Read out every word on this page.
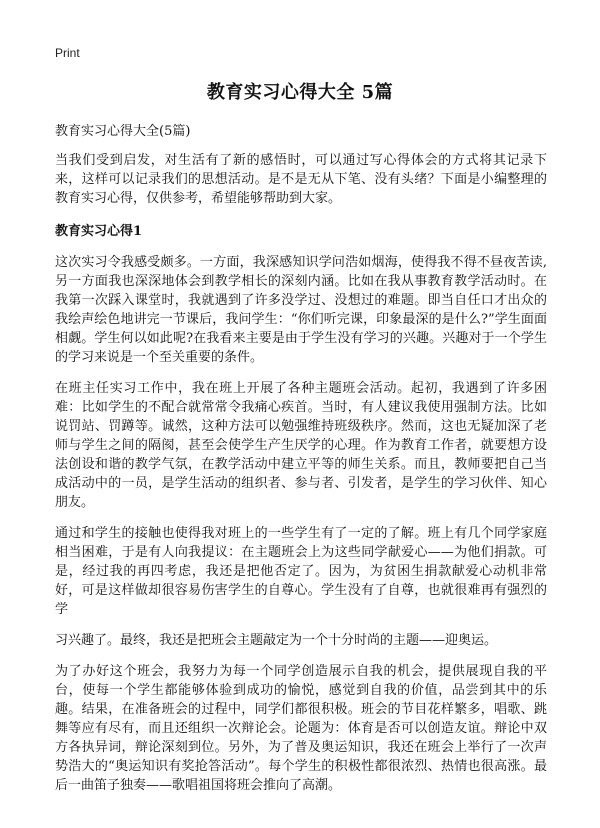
Print
教育实习心得大全 5篇
教育实习心得大全(5篇)

当我们受到启发，对生活有了新的感悟时，可以通过写心得体会的方式将其记录下来，这样可以记录我们的思想活动。是不是无从下笔、没有头绪？下面是小编整理的教育实习心得，仅供参考，希望能够帮助到大家。

教育实习心得1

这次实习令我感受颇多。一方面，我深感知识学问浩如烟海，使得我不得不昼夜苦读,另一方面我也深深地体会到教学相长的深刻内涵。比如在我从事教育教学活动时。在我第一次踩入课堂时，我就遇到了许多没学过、没想过的难题。即当自任口才出众的我绘声绘色地讲完一节课后，我问学生：“你们听完课，印象最深的是什么?”学生面面相觑。学生何以如此呢?在我看来主要是由于学生没有学习的兴趣。兴趣对于一个学生的学习来说是一个至关重要的条件。

在班主任实习工作中，我在班上开展了各种主题班会活动。起初，我遇到了许多困难：比如学生的不配合就常常令我痛心疾首。当时，有人建议我使用强制方法。比如说罚站、罚蹲等。诚然，这种方法可以勉强维持班级秩序。然而，这也无疑加深了老师与学生之间的隔阂，甚至会使学生产生厌学的心理。作为教育工作者，就要想方设法创设和谐的教学气氛，在教学活动中建立平等的师生关系。而且，教师要把自己当成活动中的一员，是学生活动的组织者、参与者、引发者，是学生的学习伙伴、知心朋友。

通过和学生的接触也使得我对班上的一些学生有了一定的了解。班上有几个同学家庭相当困难，于是有人向我提议：在主题班会上为这些同学献爱心——为他们捐款。可是，经过我的再四考虑，我还是把他否定了。因为，为贫困生捐款献爱心动机非常好，可是这样做却很容易伤害学生的自尊心。学生没有了自尊，也就很难再有强烈的学

习兴趣了。最终，我还是把班会主题敲定为一个十分时尚的主题——迎奥运。

为了办好这个班会，我努力为每一个同学创造展示自我的机会，提供展现自我的平台，使每一个学生都能够体验到成功的愉悦，感觉到自我的价值，品尝到其中的乐趣。结果，在准备班会的过程中，同学们都很积极。班会的节目花样繁多，唱歌、跳舞等应有尽有，而且还组织一次辩论会。论题为：体育是否可以创造友谊。辩论中双方各执异词，辩论深刻到位。另外，为了普及奥运知识，我还在班会上举行了一次声势浩大的“奥运知识有奖抢答活动”。每个学生的积极性都很浓烈、热情也很高涨。最后一曲笛子独奏——歌唱祖国将班会推向了高潮。
